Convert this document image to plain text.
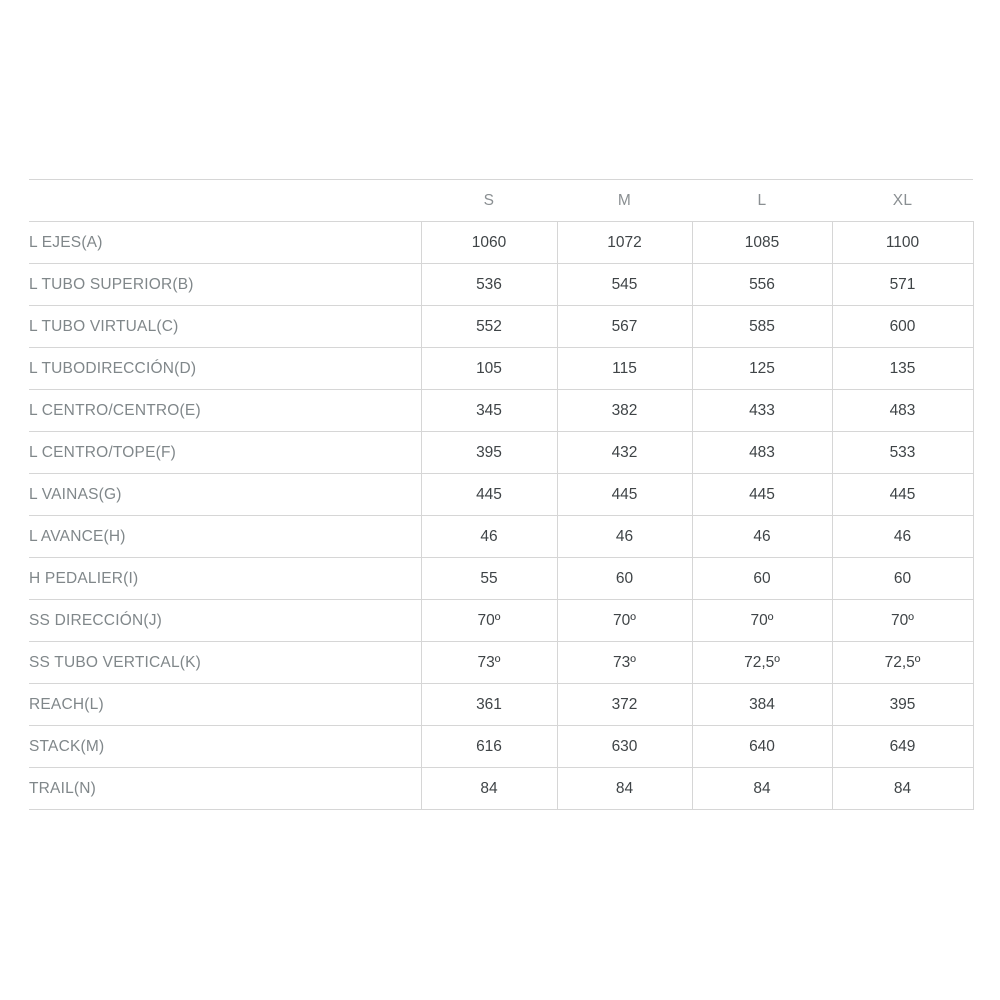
	S	M	L	XL
L EJES(A)	1060	1072	1085	1100
L TUBO SUPERIOR(B)	536	545	556	571
L TUBO VIRTUAL(C)	552	567	585	600
L TUBODIRECCIÓN(D)	105	115	125	135
L CENTRO/CENTRO(E)	345	382	433	483
L CENTRO/TOPE(F)	395	432	483	533
L VAINAS(G)	445	445	445	445
L AVANCE(H)	46	46	46	46
H PEDALIER(I)	55	60	60	60
SS DIRECCIÓN(J)	70º	70º	70º	70º
SS TUBO VERTICAL(K)	73º	73º	72,5º	72,5º
REACH(L)	361	372	384	395
STACK(M)	616	630	640	649
TRAIL(N)	84	84	84	84
